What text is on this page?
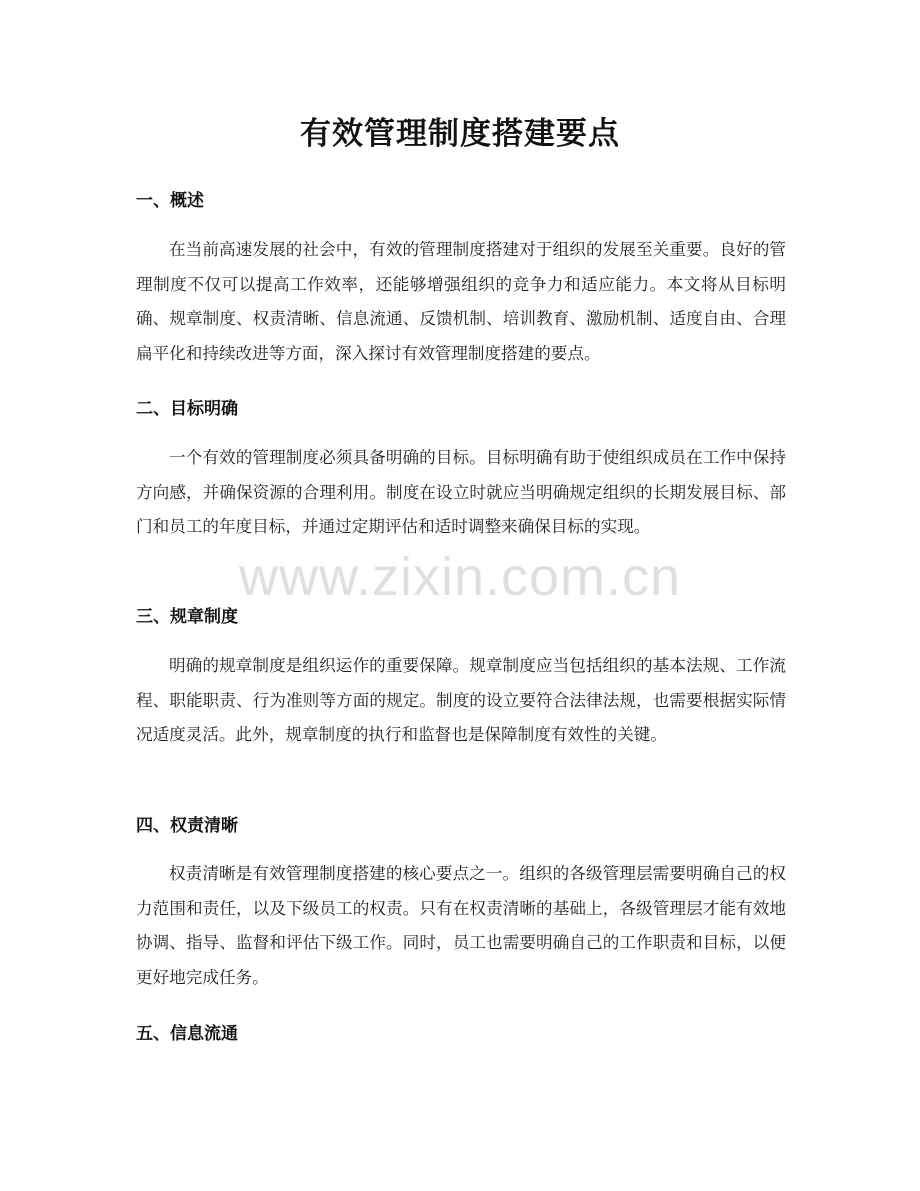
有效管理制度搭建要点
一、概述

在当前高速发展的社会中，有效的管理制度搭建对于组织的发展至关重要。良好的管理制度不仅可以提高工作效率，还能够增强组织的竞争力和适应能力。本文将从目标明确、规章制度、权责清晰、信息流通、反馈机制、培训教育、激励机制、适度自由、合理扁平化和持续改进等方面，深入探讨有效管理制度搭建的要点。

二、目标明确

一个有效的管理制度必须具备明确的目标。目标明确有助于使组织成员在工作中保持方向感，并确保资源的合理利用。制度在设立时就应当明确规定组织的长期发展目标、部门和员工的年度目标，并通过定期评估和适时调整来确保目标的实现。

三、规章制度

明确的规章制度是组织运作的重要保障。规章制度应当包括组织的基本法规、工作流程、职能职责、行为准则等方面的规定。制度的设立要符合法律法规，也需要根据实际情况适度灵活。此外，规章制度的执行和监督也是保障制度有效性的关键。

四、权责清晰

权责清晰是有效管理制度搭建的核心要点之一。组织的各级管理层需要明确自己的权力范围和责任，以及下级员工的权责。只有在权责清晰的基础上，各级管理层才能有效地协调、指导、监督和评估下级工作。同时，员工也需要明确自己的工作职责和目标，以便更好地完成任务。

五、信息流通
www.zixin.com.cn
